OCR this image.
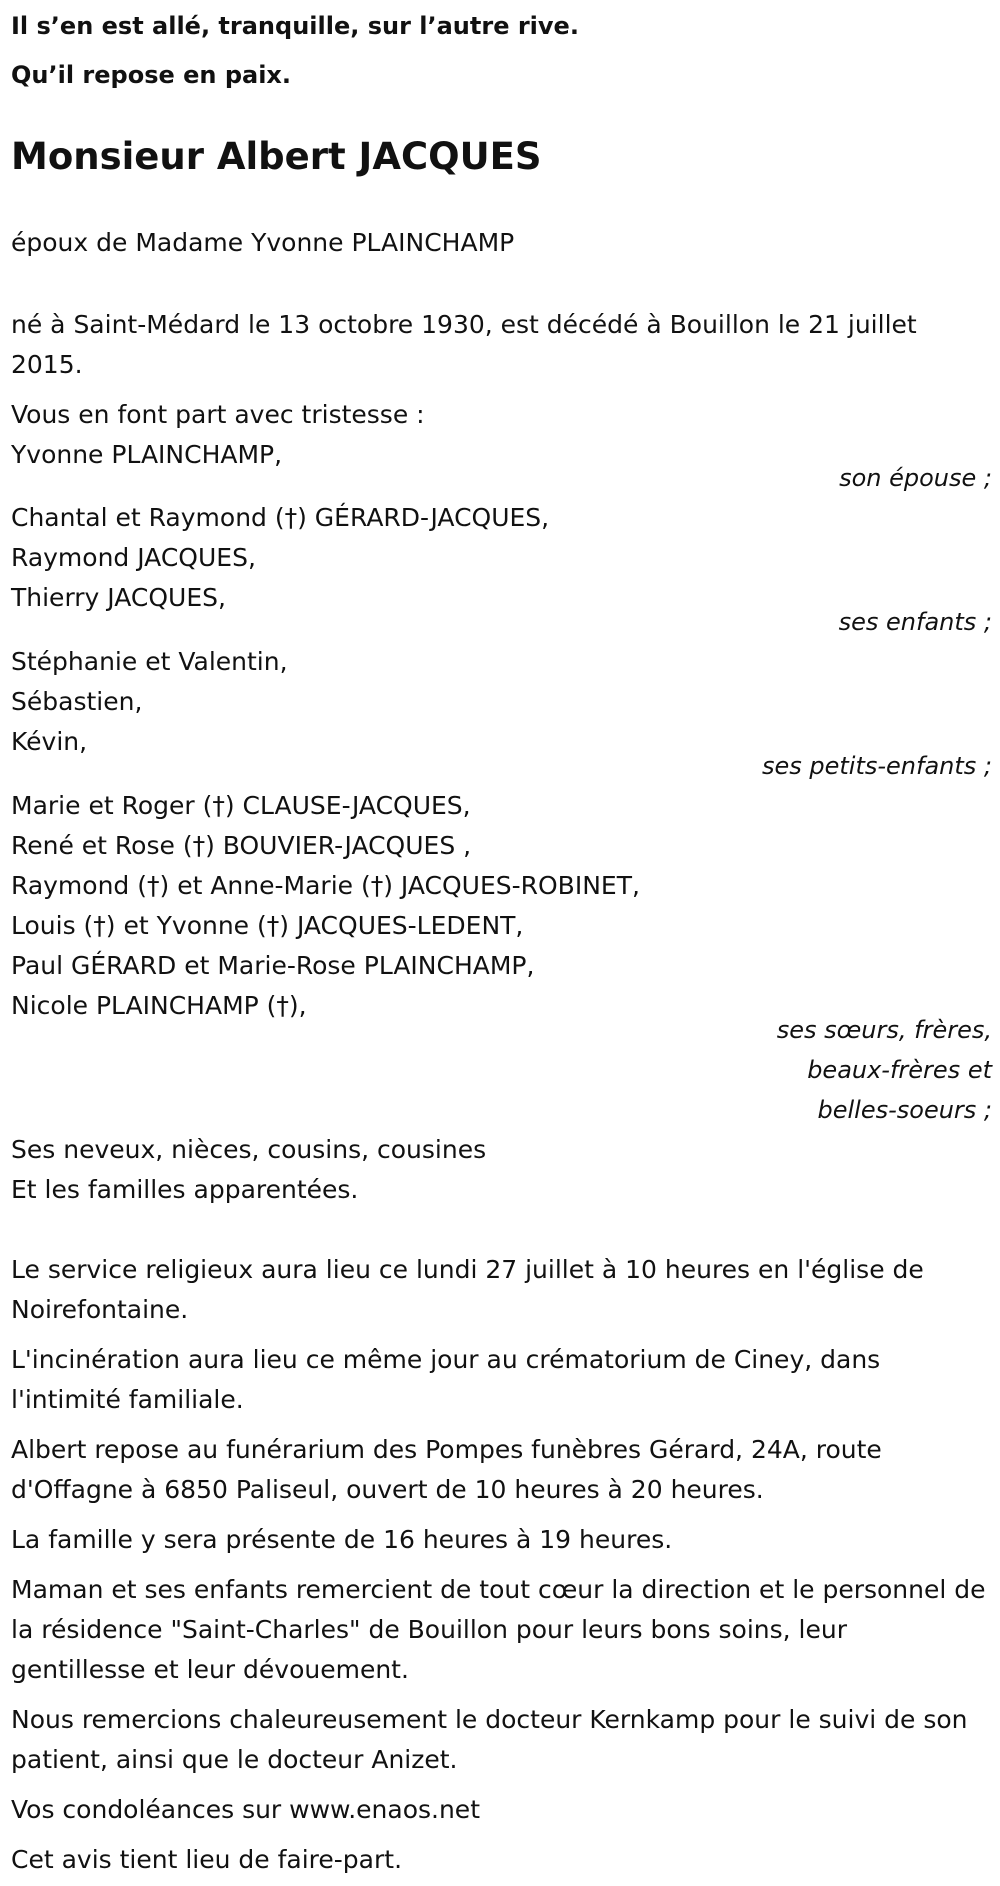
Il s’en est allé, tranquille, sur l’autre rive.
Qu’il repose en paix.
Monsieur Albert JACQUES
époux de Madame Yvonne PLAINCHAMP

né à Saint-Médard le 13 octobre 1930, est décédé à Bouillon le 21 juillet 2015.

Vous en font part avec tristesse :
Yvonne PLAINCHAMP,
son épouse ;
Chantal et Raymond (†) GÉRARD-JACQUES,
Raymond JACQUES,
Thierry JACQUES,
ses enfants ;
Stéphanie et Valentin,
Sébastien,
Kévin,
ses petits-enfants ;
Marie et Roger (†) CLAUSE-JACQUES,
René et Rose (†) BOUVIER-JACQUES ,
Raymond (†) et Anne-Marie (†) JACQUES-ROBINET,
Louis (†) et Yvonne (†) JACQUES-LEDENT,
Paul GÉRARD et Marie-Rose PLAINCHAMP,
Nicole PLAINCHAMP (†),
ses sœurs, frères,
beaux-frères et
belles-soeurs ;
Ses neveux, nièces, cousins, cousines
Et les familles apparentées.

Le service religieux aura lieu ce lundi 27 juillet à 10 heures en l'église de Noirefontaine.

L'incinération aura lieu ce même jour au crématorium de Ciney, dans l'intimité familiale.

Albert repose au funérarium des Pompes funèbres Gérard, 24A, route d'Offagne à 6850 Paliseul, ouvert de 10 heures à 20 heures.

La famille y sera présente de 16 heures à 19 heures.

Maman et ses enfants remercient de tout cœur la direction et le personnel de la résidence "Saint-Charles" de Bouillon pour leurs bons soins, leur gentillesse et leur dévouement.

Nous remercions chaleureusement le docteur Kernkamp pour le suivi de son patient, ainsi que le docteur Anizet.

Vos condoléances sur www.enaos.net

Cet avis tient lieu de faire-part.
